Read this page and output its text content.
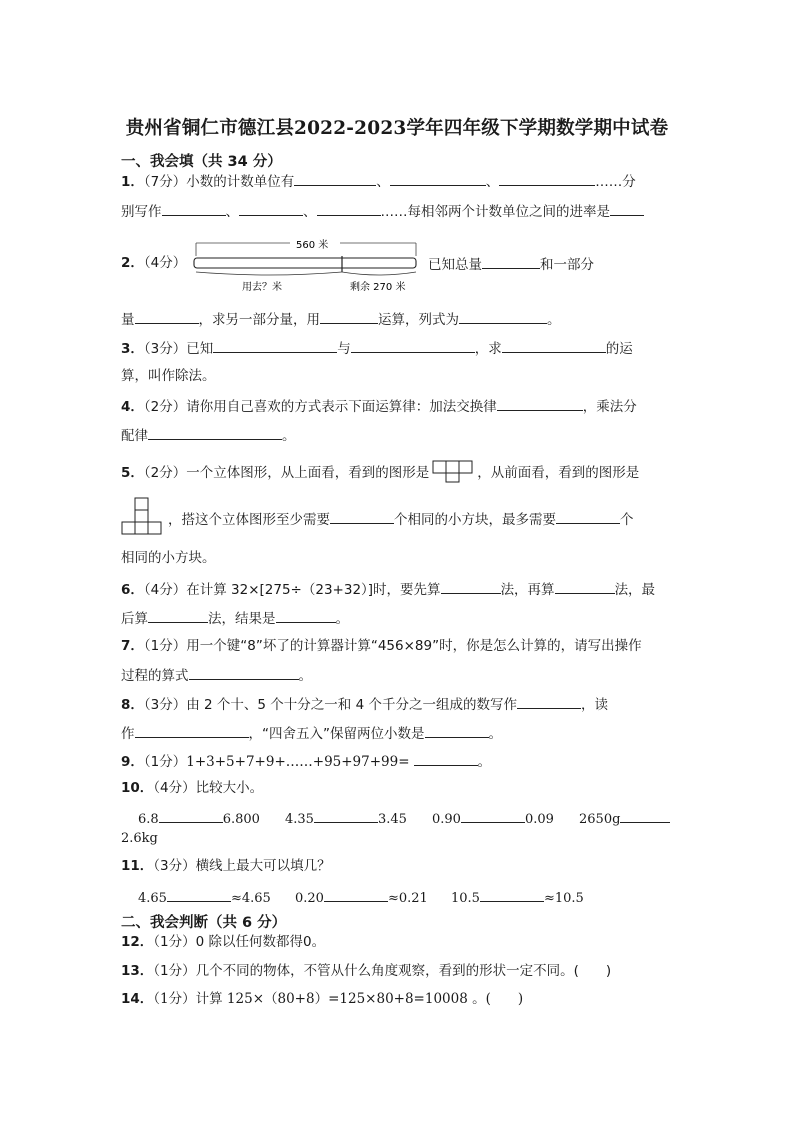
贵州省铜仁市德江县2022-2023学年四年级下学期数学期中试卷
一、我会填（共 34 分）
1．（7分）小数的计数单位有	、	、	……分
别写作	、	、	……每相邻两个计数单位之间的进率是
2．（4分）
560 米
用去？米	剩余 270 米
已知总量	和一部分
量	，求另一部分量，用	运算，列式为	。
3．（3分）已知	与	，求	的运
算，叫作除法。
4．（2分）请你用自己喜欢的方式表示下面运算律：加法交换律	，乘法分
配律	。
5．（2分）一个立体图形，从上面看，看到的图形是	，从前面看，看到的图形是
，搭这个立体图形至少需要	个相同的小方块，最多需要	个
相同的小方块。
6．（4分）在计算 32×[275÷（23+32）]时，要先算	法，再算	法，最
后算	法，结果是	。
7．（1分）用一个键“8”坏了的计算器计算“456×89”时，你是怎么计算的，请写出操作
过程的算式	。
8．（3分）由 2 个十、5 个十分之一和 4 个千分之一组成的数写作	，读
作	，“四舍五入”保留两位小数是	。
9．（1分）1+3+5+7+9+……+95+97+99=	。
10．（4分）比较大小。
6.8	6.800 4.35	3.45 0.90	0.09 2650g
2.6kg
11．（3分）横线上最大可以填几？
4.65	≈4.65 0.20	≈0.21 10.5	≈10.5
二、我会判断（共 6 分）
12．（1分）0 除以任何数都得0。
13．（1分）几个不同的物体，不管从什么角度观察，看到的形状一定不同。(　　)
14．（1分）计算 125×（80+8）=125×80+8=10008 。(　　)
